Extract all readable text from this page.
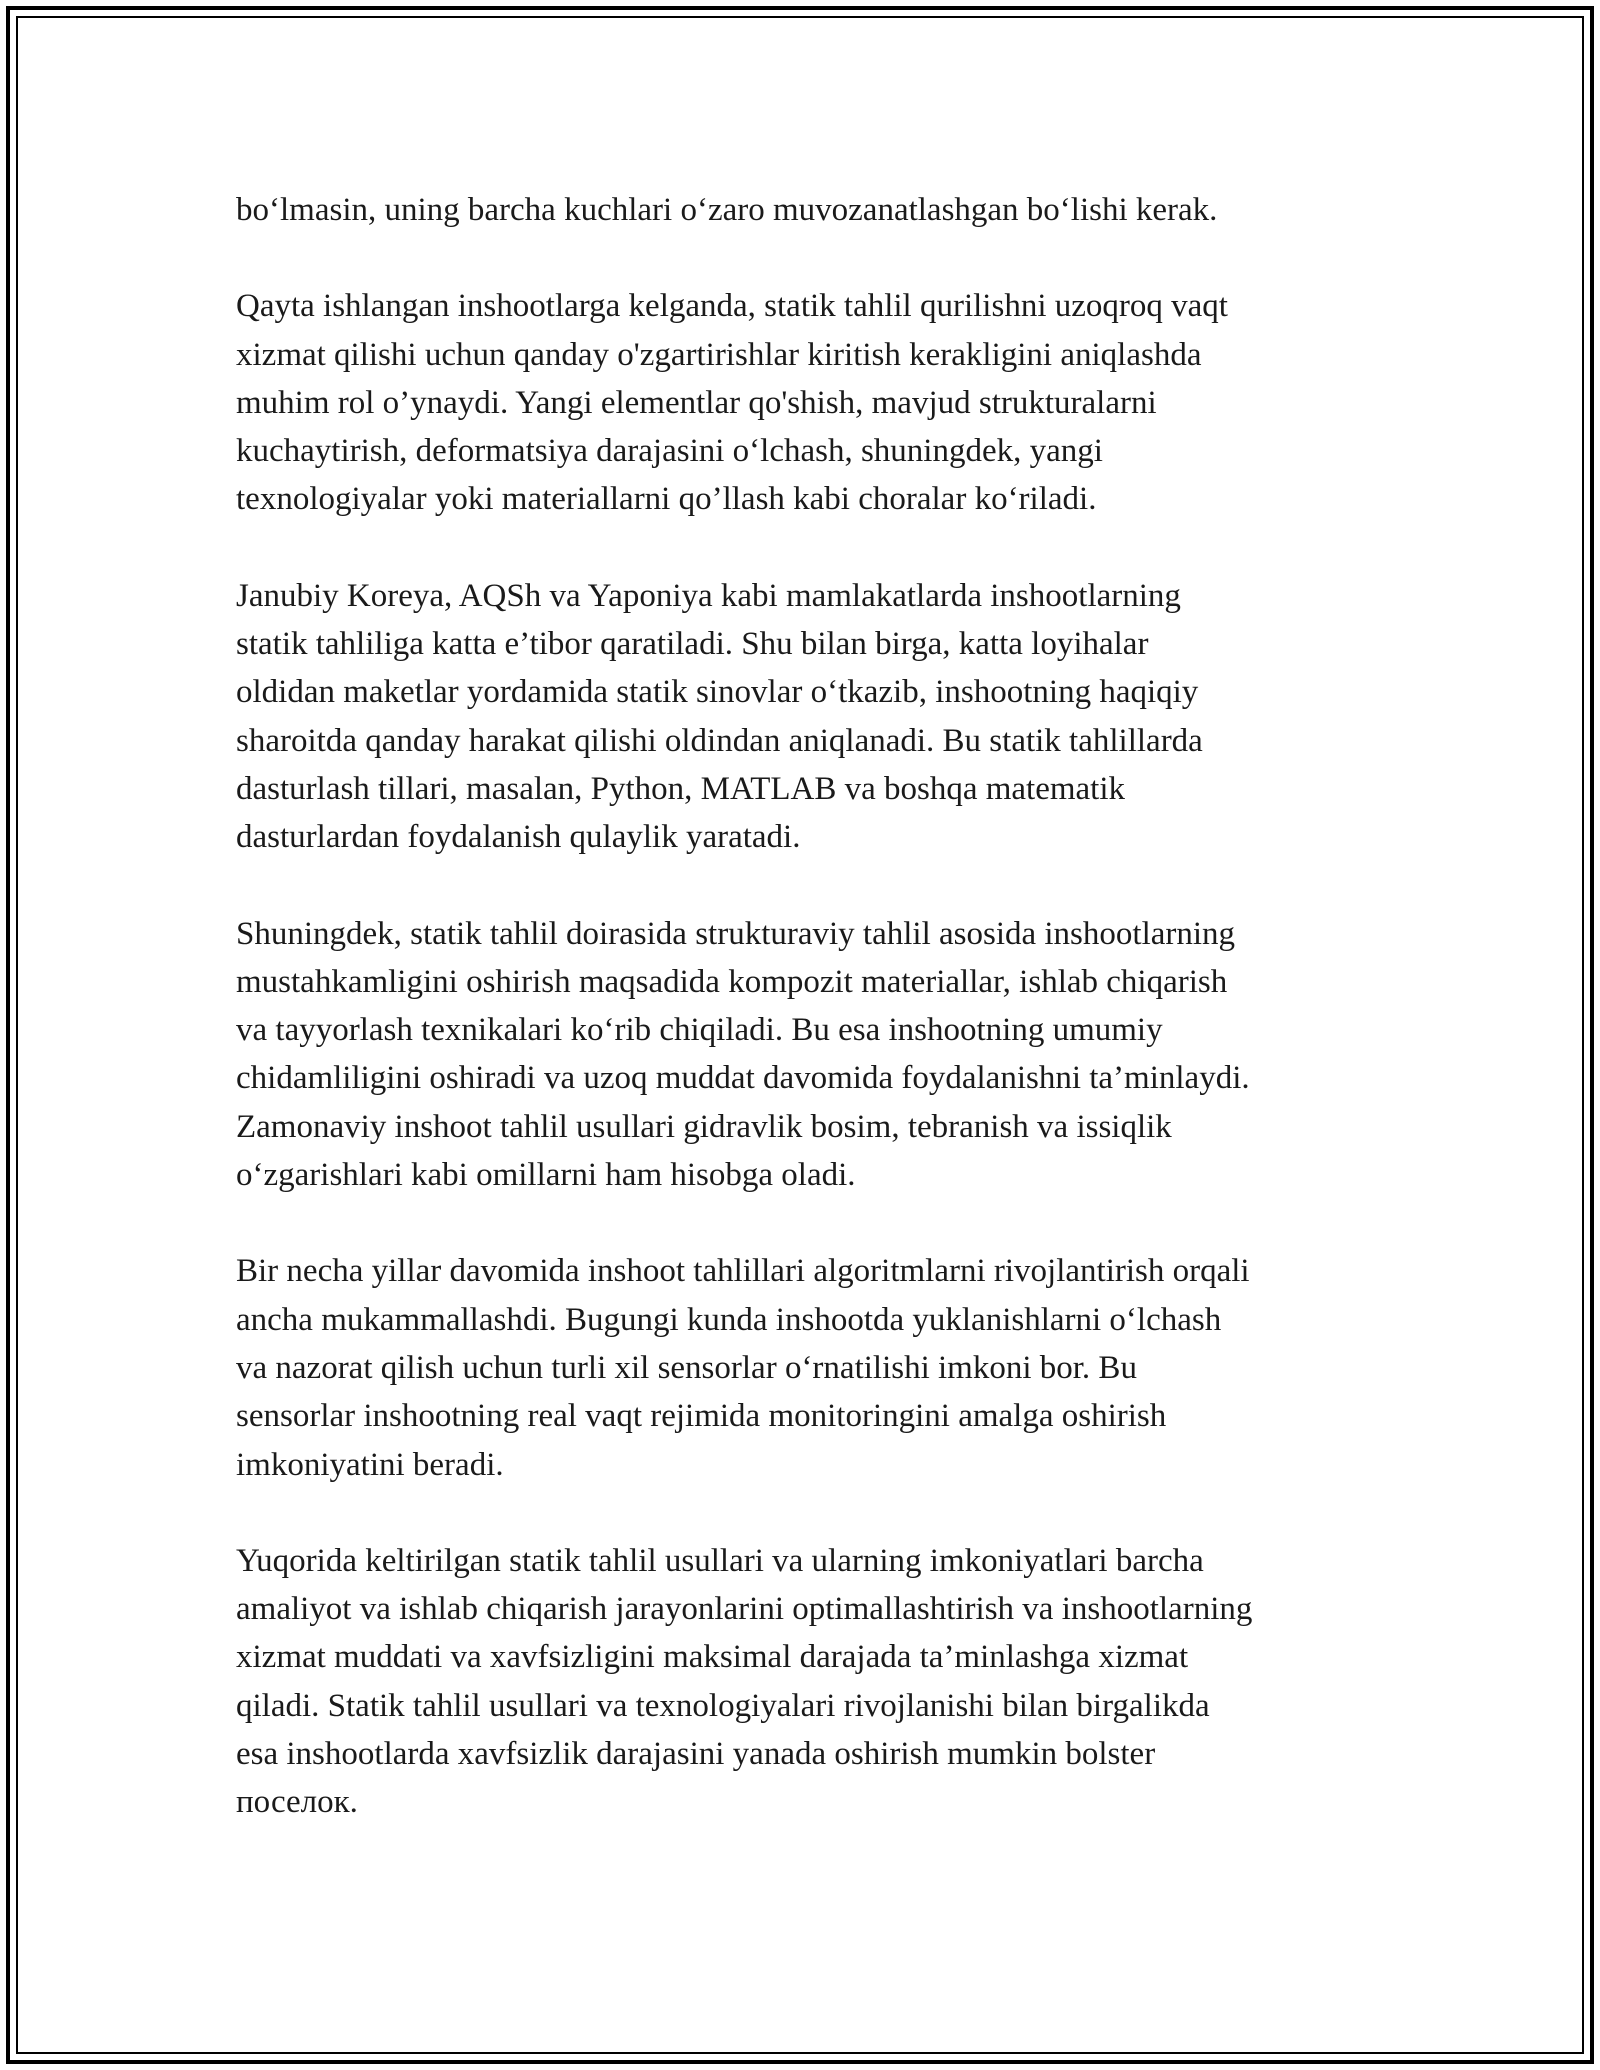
boʻlmasin, uning barcha kuchlari oʻzaro muvozanatlashgan boʻlishi kerak.

Qayta ishlangan inshootlarga kelganda, statik tahlil qurilishni uzoqroq vaqt
xizmat qilishi uchun qanday o'zgartirishlar kiritish kerakligini aniqlashda
muhim rol o’ynaydi. Yangi elementlar qo'shish, mavjud strukturalarni
kuchaytirish, deformatsiya darajasini oʻlchash, shuningdek, yangi
texnologiyalar yoki materiallarni qo’llash kabi choralar koʻriladi.

Janubiy Koreya, AQSh va Yaponiya kabi mamlakatlarda inshootlarning
statik tahliliga katta e’tibor qaratiladi. Shu bilan birga, katta loyihalar
oldidan maketlar yordamida statik sinovlar oʻtkazib, inshootning haqiqiy
sharoitda qanday harakat qilishi oldindan aniqlanadi. Bu statik tahlillarda
dasturlash tillari, masalan, Python, MATLAB va boshqa matematik
dasturlardan foydalanish qulaylik yaratadi.

Shuningdek, statik tahlil doirasida strukturaviy tahlil asosida inshootlarning
mustahkamligini oshirish maqsadida kompozit materiallar, ishlab chiqarish
va tayyorlash texnikalari koʻrib chiqiladi. Bu esa inshootning umumiy
chidamliligini oshiradi va uzoq muddat davomida foydalanishni ta’minlaydi.
Zamonaviy inshoot tahlil usullari gidravlik bosim, tebranish va issiqlik
oʻzgarishlari kabi omillarni ham hisobga oladi.

Bir necha yillar davomida inshoot tahlillari algoritmlarni rivojlantirish orqali
ancha mukammallashdi. Bugungi kunda inshootda yuklanishlarni oʻlchash
va nazorat qilish uchun turli xil sensorlar oʻrnatilishi imkoni bor. Bu
sensorlar inshootning real vaqt rejimida monitoringini amalga oshirish
imkoniyatini beradi.

Yuqorida keltirilgan statik tahlil usullari va ularning imkoniyatlari barcha
amaliyot va ishlab chiqarish jarayonlarini optimallashtirish va inshootlarning
xizmat muddati va xavfsizligini maksimal darajada ta’minlashga xizmat
qiladi. Statik tahlil usullari va texnologiyalari rivojlanishi bilan birgalikda
esa inshootlarda xavfsizlik darajasini yanada oshirish mumkin bolster
поселок.
